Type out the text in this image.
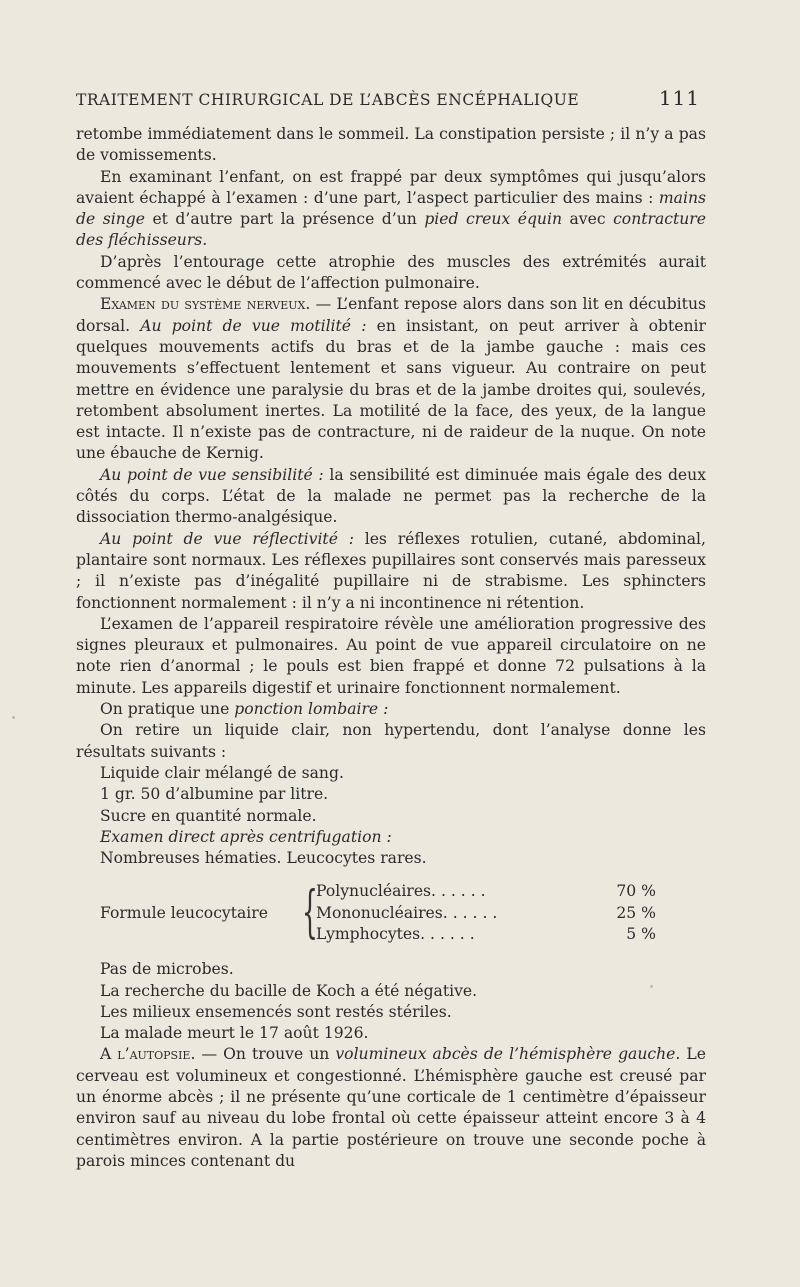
TRAITEMENT CHIRURGICAL DE L’ABCÈS ENCÉPHALIQUE	111

retombe immédiatement dans le sommeil. La constipation persiste ; il n’y a pas de vomissements.

En examinant l’enfant, on est frappé par deux symptômes qui jusqu’alors avaient échappé à l’examen : d’une part, l’aspect particulier des mains : mains de singe et d’autre part la présence d’un pied creux équin avec contracture des fléchisseurs.

D’après l’entourage cette atrophie des muscles des extrémités aurait commencé avec le début de l’affection pulmonaire.

Examen du système nerveux. — L’enfant repose alors dans son lit en décubitus dorsal. Au point de vue motilité : en insistant, on peut arriver à obtenir quelques mouvements actifs du bras et de la jambe gauche : mais ces mouvements s’effectuent lentement et sans vigueur. Au contraire on peut mettre en évidence une paralysie du bras et de la jambe droites qui, soulevés, retombent absolument inertes. La motilité de la face, des yeux, de la langue est intacte. Il n’existe pas de contracture, ni de raideur de la nuque. On note une ébauche de Kernig.

Au point de vue sensibilité : la sensibilité est diminuée mais égale des deux côtés du corps. L’état de la malade ne permet pas la recherche de la dissociation thermo-analgésique.

Au point de vue réflectivité : les réflexes rotulien, cutané, abdominal, plantaire sont normaux. Les réflexes pupillaires sont conservés mais paresseux ; il n’existe pas d’inégalité pupillaire ni de strabisme. Les sphincters fonctionnent normalement : il n’y a ni incontinence ni rétention.

L’examen de l’appareil respiratoire révèle une amélioration progressive des signes pleuraux et pulmonaires. Au point de vue appareil circulatoire on ne note rien d’anormal ; le pouls est bien frappé et donne 72 pulsations à la minute. Les appareils digestif et urinaire fonctionnent normalement.

On pratique une ponction lombaire :

On retire un liquide clair, non hypertendu, dont l’analyse donne les résultats suivants :

Liquide clair mélangé de sang.
1 gr. 50 d’albumine par litre.
Sucre en quantité normale.
Examen direct après centrifugation :
Nombreuses hématies. Leucocytes rares.
Formule leucocytaire {
Polynucléaires. . . . . .	70 %
Mononucléaires. . . . . .	25 %
Lymphocytes. . . . . .	5 %
Pas de microbes.
La recherche du bacille de Koch a été négative.
Les milieux ensemencés sont restés stériles.
La malade meurt le 17 août 1926.

A l’autopsie. — On trouve un volumineux abcès de l’hémisphère gauche. Le cerveau est volumineux et congestionné. L’hémisphère gauche est creusé par un énorme abcès ; il ne présente qu’une corticale de 1 centimètre d’épaisseur environ sauf au niveau du lobe frontal où cette épaisseur atteint encore 3 à 4 centimètres environ. A la partie postérieure on trouve une seconde poche à parois minces contenant du
